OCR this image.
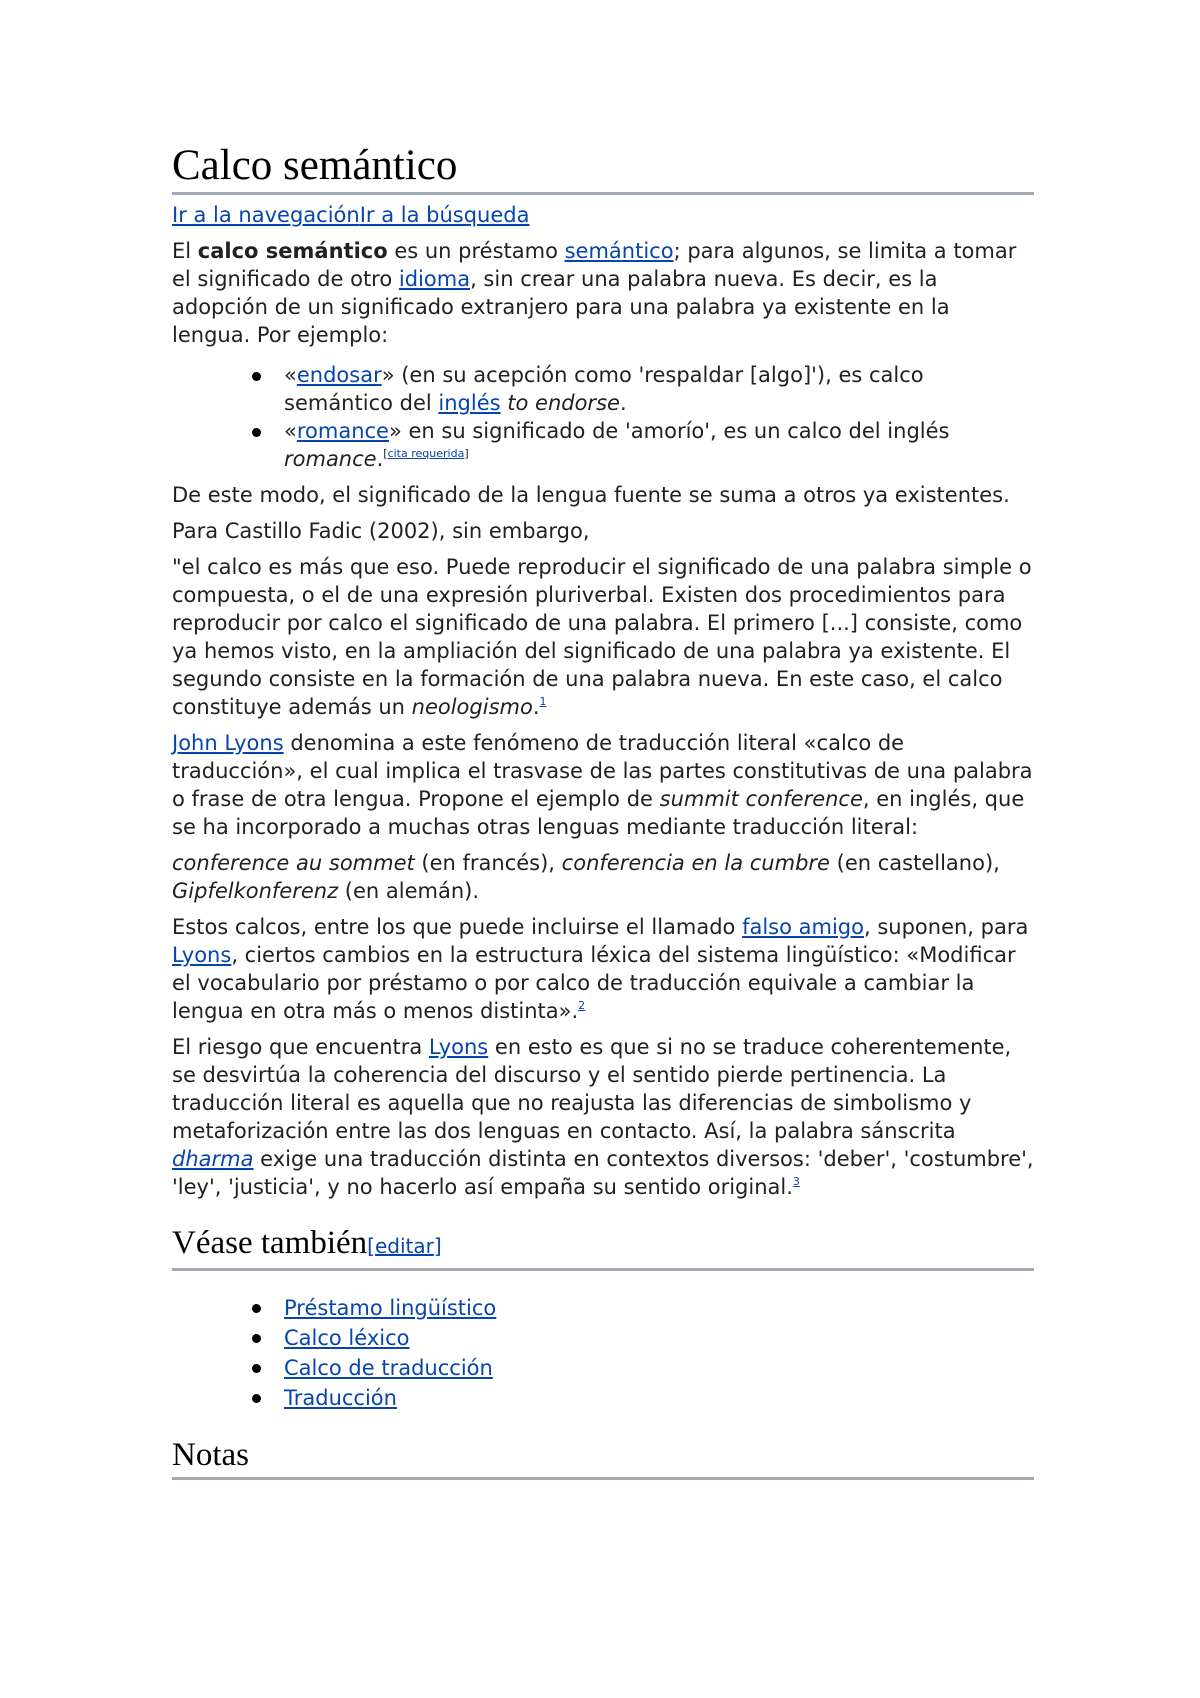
Calco semántico
Ir a la navegaciónIr a la búsqueda

El calco semántico es un préstamo semántico; para algunos, se limita a tomar el significado de otro idioma, sin crear una palabra nueva. Es decir, es la adopción de un significado extranjero para una palabra ya existente en la lengua. Por ejemplo:

«endosar» (en su acepción como 'respaldar [algo]'), es calco semántico del inglés to endorse.
«romance» en su significado de 'amorío', es un calco del inglés romance.[cita requerida]

De este modo, el significado de la lengua fuente se suma a otros ya existentes.

Para Castillo Fadic (2002), sin embargo,

"el calco es más que eso. Puede reproducir el significado de una palabra simple o compuesta, o el de una expresión pluriverbal. Existen dos procedimientos para reproducir por calco el significado de una palabra. El primero [...] consiste, como ya hemos visto, en la ampliación del significado de una palabra ya existente. El segundo consiste en la formación de una palabra nueva. En este caso, el calco constituye además un neologismo.$^1$

John Lyons denomina a este fenómeno de traducción literal «calco de traducción», el cual implica el trasvase de las partes constitutivas de una palabra o frase de otra lengua. Propone el ejemplo de summit conference, en inglés, que se ha incorporado a muchas otras lenguas mediante traducción literal:

conference au sommet (en francés), conferencia en la cumbre (en castellano), Gipfelkonferenz (en alemán).

Estos calcos, entre los que puede incluirse el llamado falso amigo, suponen, para Lyons, ciertos cambios en la estructura léxica del sistema lingüístico: «Modificar el vocabulario por préstamo o por calco de traducción equivale a cambiar la lengua en otra más o menos distinta».$^2$

El riesgo que encuentra Lyons en esto es que si no se traduce coherentemente, se desvirtúa la coherencia del discurso y el sentido pierde pertinencia. La traducción literal es aquella que no reajusta las diferencias de simbolismo y metaforización entre las dos lenguas en contacto. Así, la palabra sánscrita dharma exige una traducción distinta en contextos diversos: 'deber', 'costumbre', 'ley', 'justicia', y no hacerlo así empaña su sentido original.$^3$

Véase también[editar]
Préstamo lingüístico
Calco léxico
Calco de traducción
Traducción
Notas
